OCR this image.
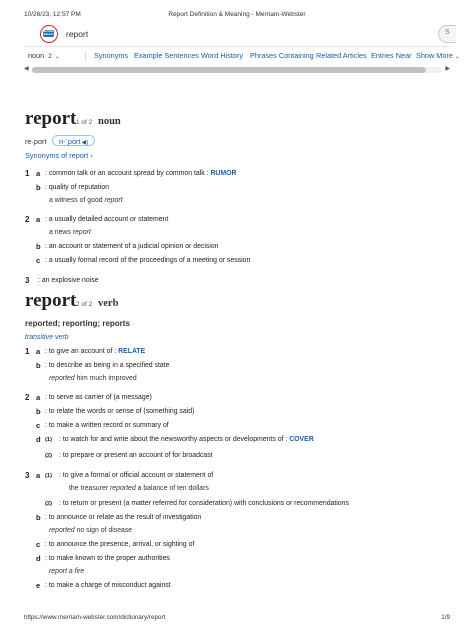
10/26/23, 12:57 PM	Report Definition & Meaning - Merriam-Webster
Merriam-Webster report	S
noun 2 ⌄	Synonyms Example Sentences Word History Phrases Containing Related Articles Entries Near Show More ⌄
◀	▶
report 1 of 2 noun
re·port	ri-ˈpȯrt◀)
Synonyms of report ›
1 a : common talk or an account spread by common talk : RUMOR
b : quality of reputation
a witness of good report
2 a : a usually detailed account or statement
a news report
b : an account or statement of a judicial opinion or decision
c : a usually formal record of the proceedings of a meeting or session
3 : an explosive noise
report 2 of 2 verb
reported; reporting; reports
transitive verb
1 a : to give an account of : RELATE
b : to describe as being in a specified state
reported him much improved
2 a : to serve as carrier of (a message)
b : to relate the words or sense of (something said)
c : to make a written record or summary of
d (1) : to watch for and write about the newsworthy aspects or developments of : COVER
(2) : to prepare or present an account of for broadcast
3 a (1) : to give a formal or official account or statement of
the treasurer reported a balance of ten dollars
(2) : to return or present (a matter referred for consideration) with conclusions or recommendations
b : to announce or relate as the result of investigation
reported no sign of disease
c : to announce the presence, arrival, or sighting of
d : to make known to the proper authorities
report a fire
e : to make a charge of misconduct against
https://www.merriam-webster.com/dictionary/report	1/9
